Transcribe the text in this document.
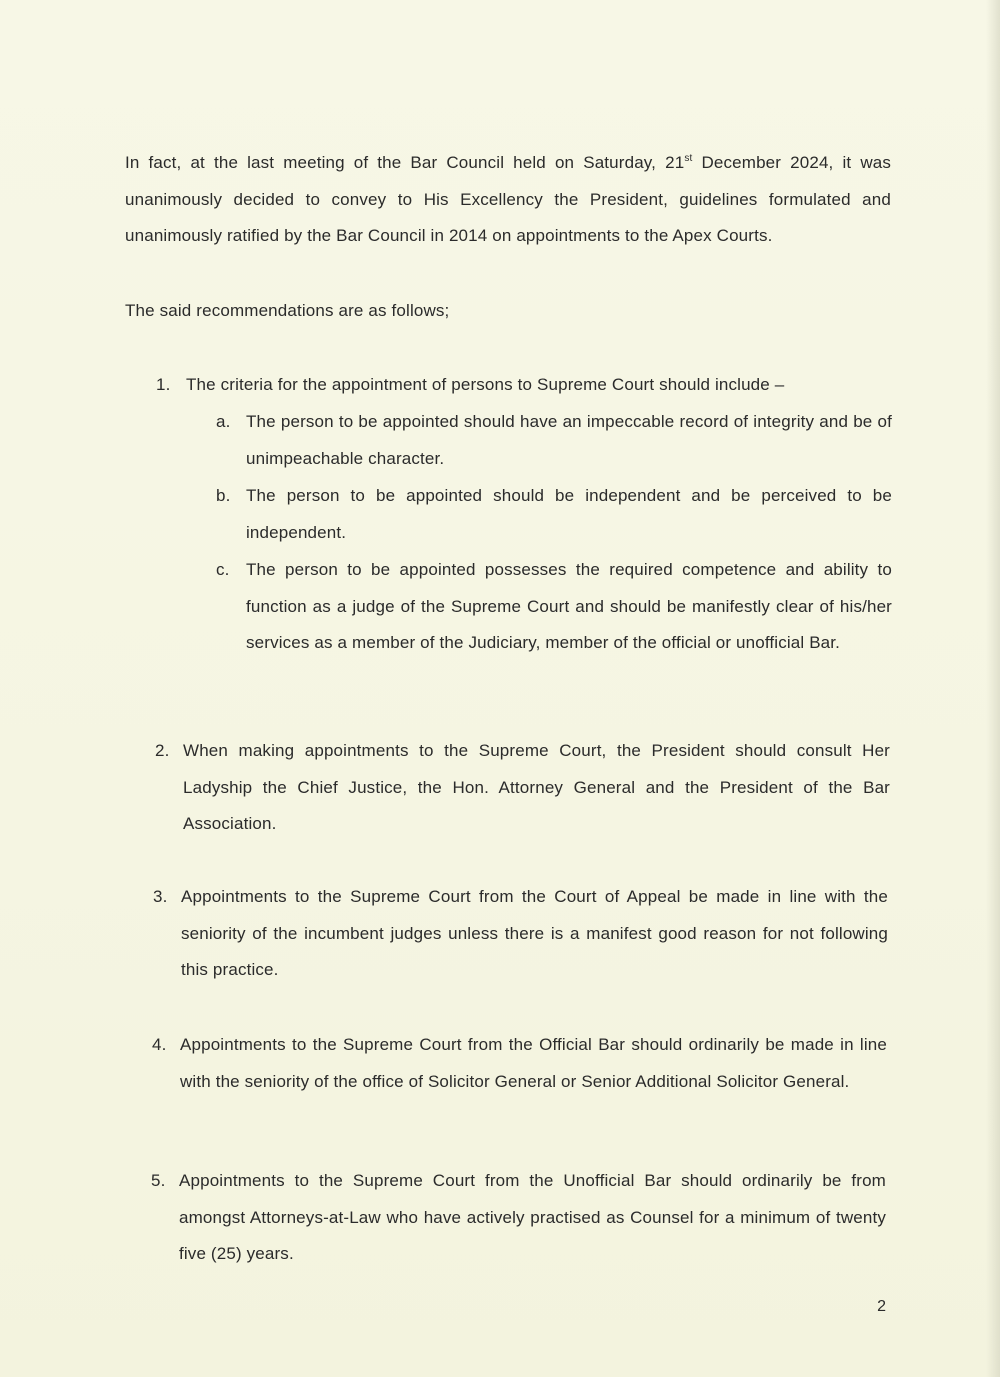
In fact, at the last meeting of the Bar Council held on Saturday, 21st December 2024, it was unanimously decided to convey to His Excellency the President, guidelines formulated and unanimously ratified by the Bar Council in 2014 on appointments to the Apex Courts.

The said recommendations are as follows;

1. The criteria for the appointment of persons to Supreme Court should include –
a. The person to be appointed should have an impeccable record of integrity and be of unimpeachable character.
b. The person to be appointed should be independent and be perceived to be independent.
c. The person to be appointed possesses the required competence and ability to function as a judge of the Supreme Court and should be manifestly clear of his/her services as a member of the Judiciary, member of the official or unofficial Bar.
2. When making appointments to the Supreme Court, the President should consult Her Ladyship the Chief Justice, the Hon. Attorney General and the President of the Bar Association.
3. Appointments to the Supreme Court from the Court of Appeal be made in line with the seniority of the incumbent judges unless there is a manifest good reason for not following this practice.
4. Appointments to the Supreme Court from the Official Bar should ordinarily be made in line with the seniority of the office of Solicitor General or Senior Additional Solicitor General.
5. Appointments to the Supreme Court from the Unofficial Bar should ordinarily be from amongst Attorneys-at-Law who have actively practised as Counsel for a minimum of twenty five (25) years.
2
